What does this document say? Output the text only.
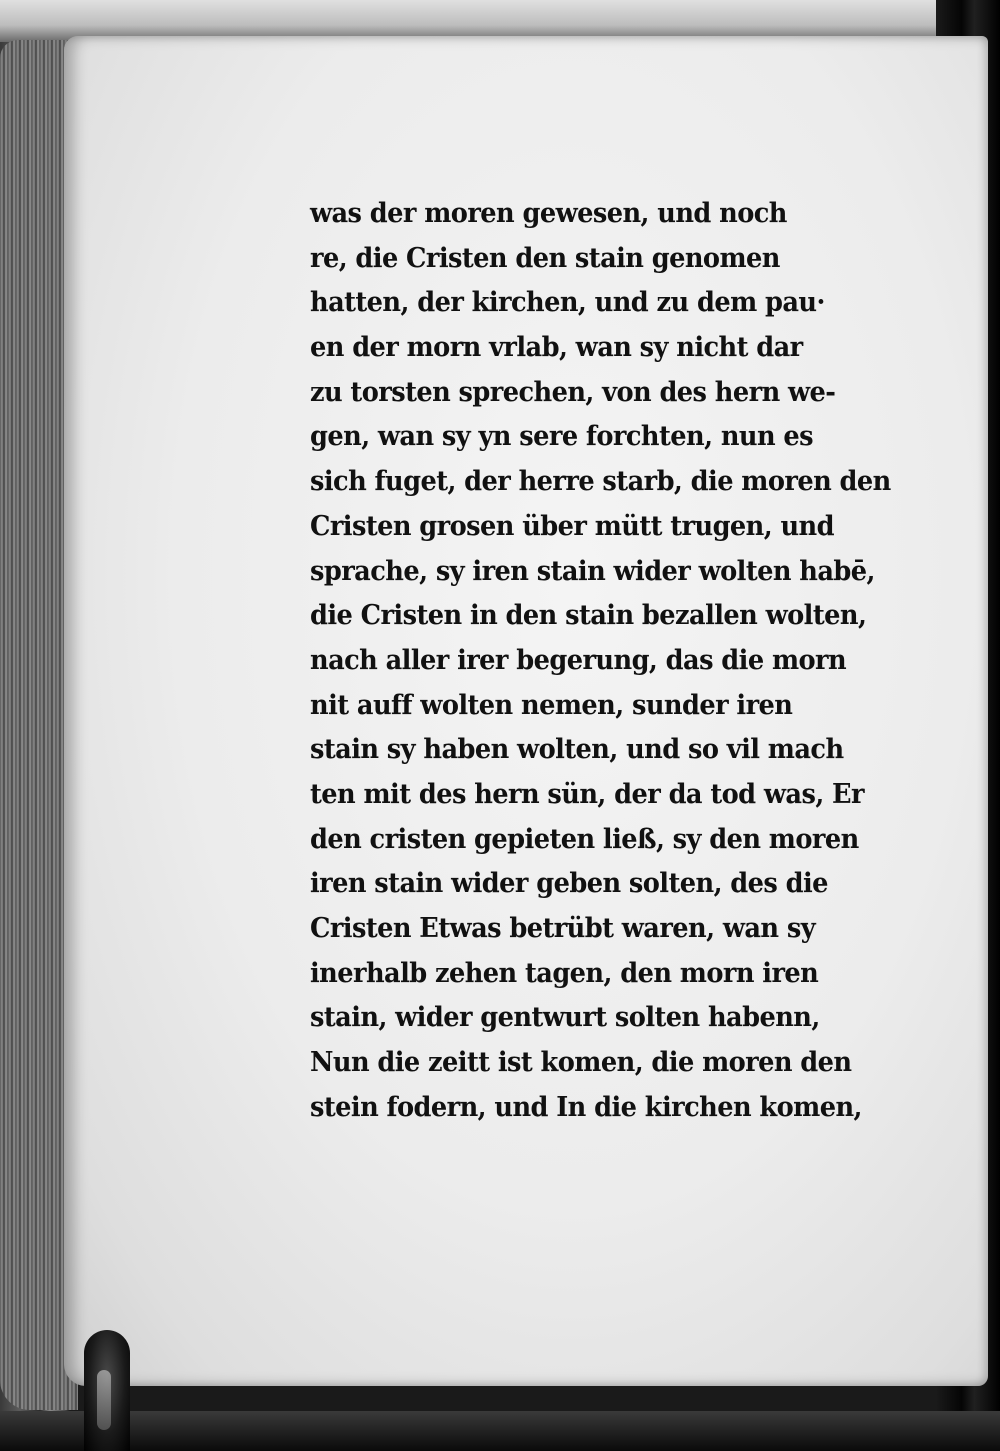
was der moren gewesen, und noch
re, die Cristen den stain genomen
hatten, der kirchen, und zu dem pau·
en der morn vrlab, wan sy nicht dar
zu torsten sprechen, von des hern we-
gen, wan sy yn sere forchten, nun es
sich fuget, der herre starb, die moren den
Cristen grosen über mütt trugen, und
sprache, sy iren stain wider wolten habē,
die Cristen in den stain bezallen wolten,
nach aller irer begerung, das die morn
nit auff wolten nemen, sunder iren
stain sy haben wolten, und so vil mach
ten mit des hern sün, der da tod was, Er
den cristen gepieten ließ, sy den moren
iren stain wider geben solten, des die
Cristen Etwas betrübt waren, wan sy
inerhalb zehen tagen, den morn iren
stain, wider gentwurt solten habenn,
Nun die zeitt ist komen, die moren den
stein fodern, und In die kirchen komen,
